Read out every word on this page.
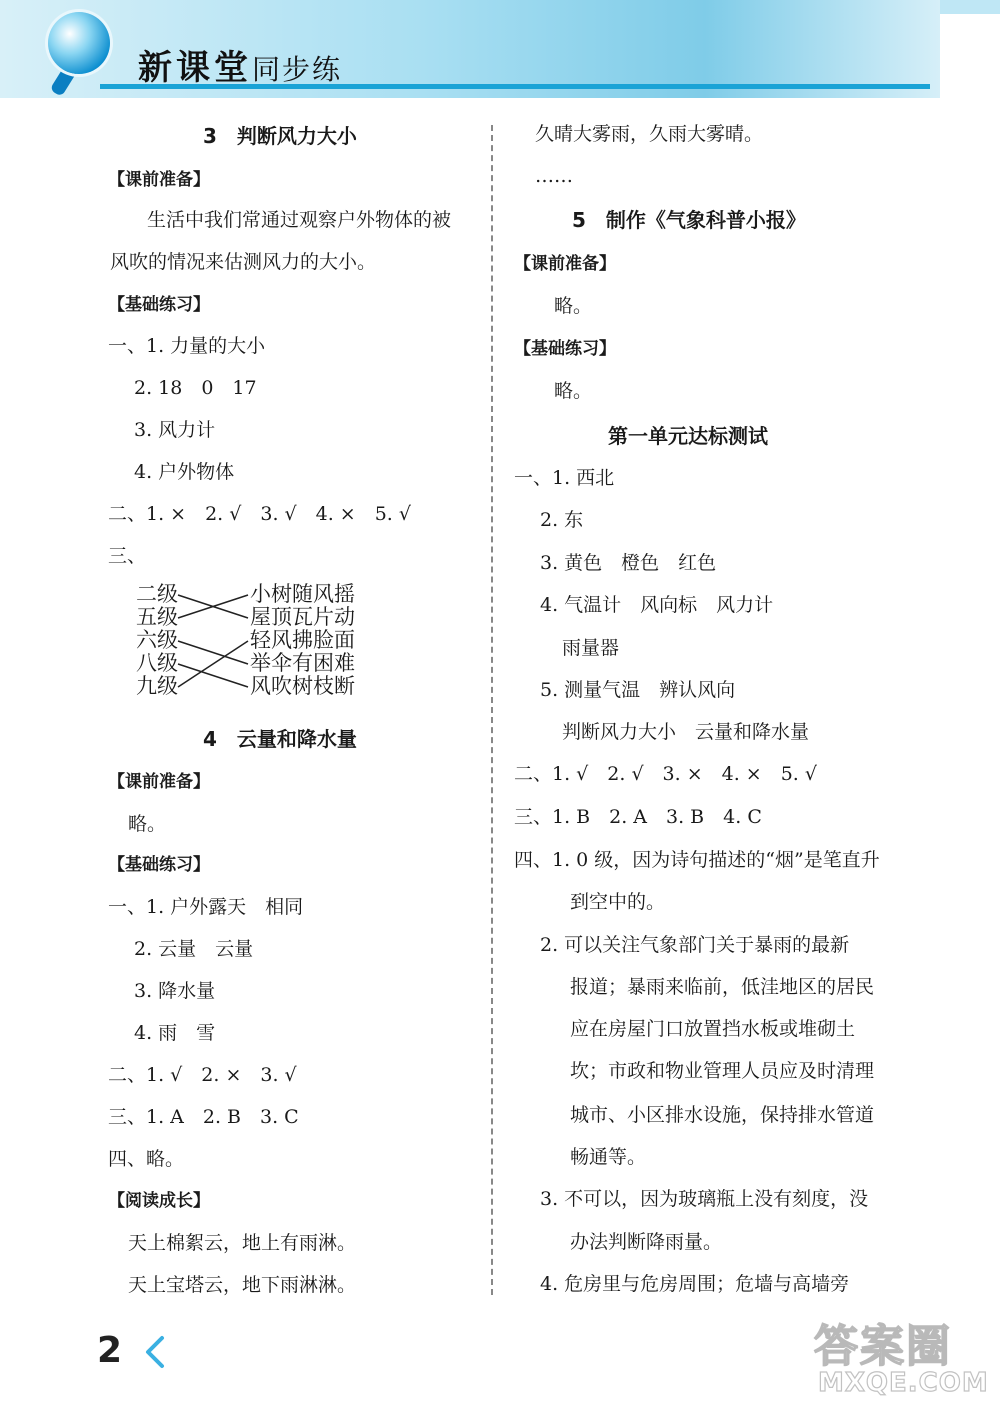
新课堂同步练
3　判断风力大小
【课前准备】
生活中我们常通过观察户外物体的被
风吹的情况来估测风力的大小。
【基础练习】
一、1. 力量的大小
2. 18　0　17
3. 风力计
4. 户外物体
二、1. ×　2. √　3. √　4. ×　5. √
三、
二级
五级
六级
八级
九级
小树随风摇
屋顶瓦片动
轻风拂脸面
举伞有困难
风吹树枝断
4　云量和降水量
【课前准备】
略。
【基础练习】
一、1. 户外露天　相同
2. 云量　云量
3. 降水量
4. 雨　雪
二、1. √　2. ×　3. √
三、1. A　2. B　3. C
四、略。
【阅读成长】
天上棉絮云，地上有雨淋。
天上宝塔云，地下雨淋淋。
久晴大雾雨，久雨大雾晴。
……
5　制作《气象科普小报》
【课前准备】
略。
【基础练习】
略。
第一单元达标测试
一、1. 西北
2. 东
3. 黄色　橙色　红色
4. 气温计　风向标　风力计
雨量器
5. 测量气温　辨认风向
判断风力大小　云量和降水量
二、1. √　2. √　3. ×　4. ×　5. √
三、1. B　2. A　3. B　4. C
四、1. 0 级，因为诗句描述的“烟”是笔直升
到空中的。
2. 可以关注气象部门关于暴雨的最新
报道；暴雨来临前，低洼地区的居民
应在房屋门口放置挡水板或堆砌土
坎；市政和物业管理人员应及时清理
城市、小区排水设施，保持排水管道
畅通等。
3. 不可以，因为玻璃瓶上没有刻度，没
办法判断降雨量。
4. 危房里与危房周围；危墙与高墙旁
2	答案圈
MXQE.COM
